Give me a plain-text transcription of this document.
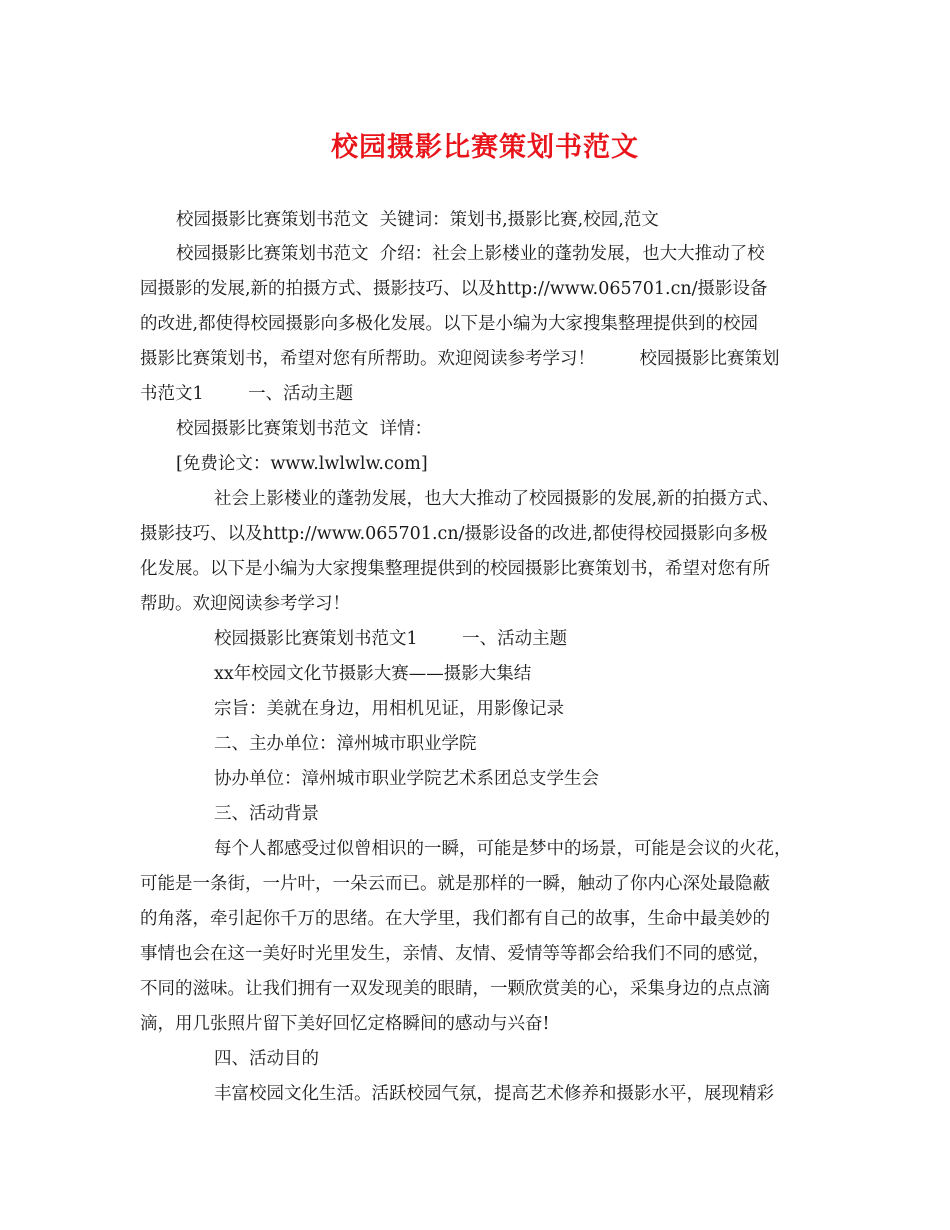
校园摄影比赛策划书范文

校园摄影比赛策划书范文  关键词：策划书,摄影比赛,校园,范文

校园摄影比赛策划书范文  介绍：社会上影楼业的蓬勃发展，也大大推动了校

园摄影的发展,新的拍摄方式、摄影技巧、以及http://www.065701.cn/摄影设备

的改进,都使得校园摄影向多极化发展。以下是小编为大家搜集整理提供到的校园

摄影比赛策划书，希望对您有所帮助。欢迎阅读参考学习！        校园摄影比赛策划

书范文1        一、活动主题

校园摄影比赛策划书范文  详情：

[免费论文：www.lwlwlw.com]

社会上影楼业的蓬勃发展，也大大推动了校园摄影的发展,新的拍摄方式、

摄影技巧、以及http://www.065701.cn/摄影设备的改进,都使得校园摄影向多极

化发展。以下是小编为大家搜集整理提供到的校园摄影比赛策划书，希望对您有所

帮助。欢迎阅读参考学习！

校园摄影比赛策划书范文1        一、活动主题

xx年校园文化节摄影大赛——摄影大集结

宗旨：美就在身边，用相机见证，用影像记录

二、主办单位：漳州城市职业学院

协办单位：漳州城市职业学院艺术系团总支学生会

三、活动背景

每个人都感受过似曾相识的一瞬，可能是梦中的场景，可能是会议的火花，

可能是一条街，一片叶，一朵云而已。就是那样的一瞬，触动了你内心深处最隐蔽

的角落，牵引起你千万的思绪。在大学里，我们都有自己的故事，生命中最美妙的

事情也会在这一美好时光里发生，亲情、友情、爱情等等都会给我们不同的感觉，

不同的滋味。让我们拥有一双发现美的眼睛，一颗欣赏美的心，采集身边的点点滴

滴，用几张照片留下美好回忆定格瞬间的感动与兴奋!

四、活动目的

丰富校园文化生活。活跃校园气氛，提高艺术修养和摄影水平，展现精彩
